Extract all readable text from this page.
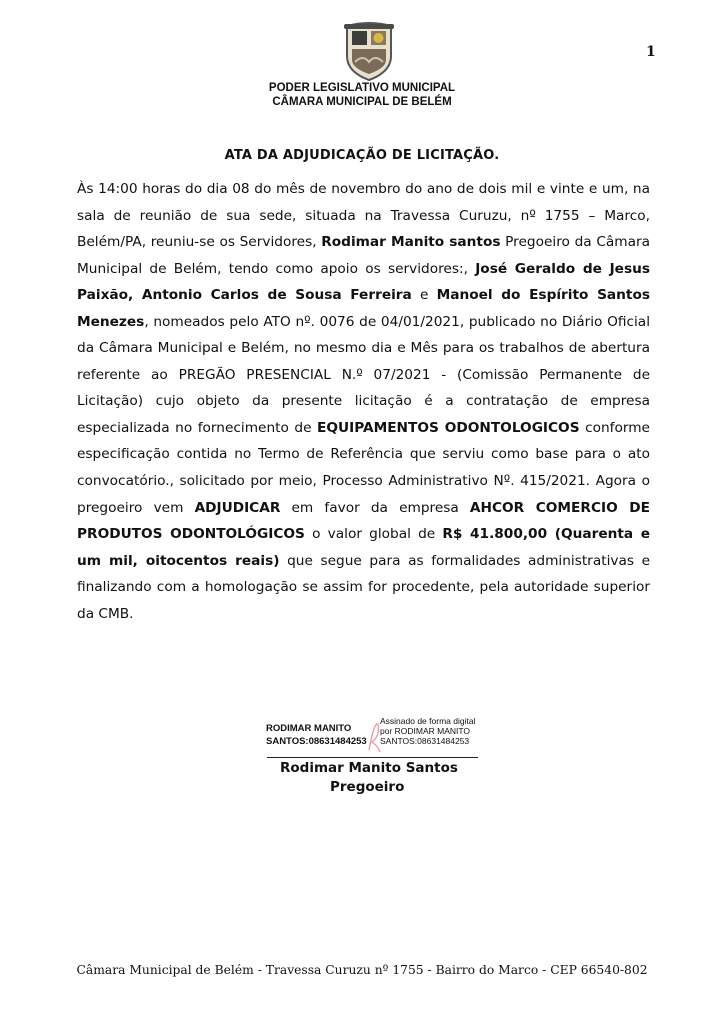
1
PODER LEGISLATIVO MUNICIPAL
CÂMARA MUNICIPAL DE BELÉM
ATA DA ADJUDICAÇÃO DE LICITAÇÃO.
Às 14:00 horas do dia 08 do mês de novembro do ano de dois mil e vinte e um, na sala de reunião de sua sede, situada na Travessa Curuzu, nº 1755 – Marco, Belém/PA, reuniu-se os Servidores, Rodimar Manito santos Pregoeiro da Câmara Municipal de Belém, tendo como apoio os servidores:, José Geraldo de Jesus Paixão, Antonio Carlos de Sousa Ferreira e Manoel do Espírito Santos Menezes, nomeados pelo ATO nº. 0076 de 04/01/2021, publicado no Diário Oficial da Câmara Municipal e Belém, no mesmo dia e Mês para os trabalhos de abertura referente ao PREGÃO PRESENCIAL N.º 07/2021 - (Comissão Permanente de Licitação) cujo objeto da presente licitação é a contratação de empresa especializada no fornecimento de EQUIPAMENTOS ODONTOLOGICOS conforme especificação contida no Termo de Referência que serviu como base para o ato convocatório., solicitado por meio, Processo Administrativo Nº. 415/2021. Agora o pregoeiro vem ADJUDICAR em favor da empresa AHCOR COMERCIO DE PRODUTOS ODONTOLÓGICOS o valor global de R$ 41.800,00 (Quarenta e um mil, oitocentos reais) que segue para as formalidades administrativas e finalizando com a homologação se assim for procedente, pela autoridade superior da CMB.
RODIMAR MANITO
SANTOS:08631484253
Assinado de forma digital
por RODIMAR MANITO
SANTOS:08631484253
Rodimar Manito Santos
Pregoeiro
Câmara Municipal de Belém - Travessa Curuzu nº 1755 - Bairro do Marco - CEP 66540-802
